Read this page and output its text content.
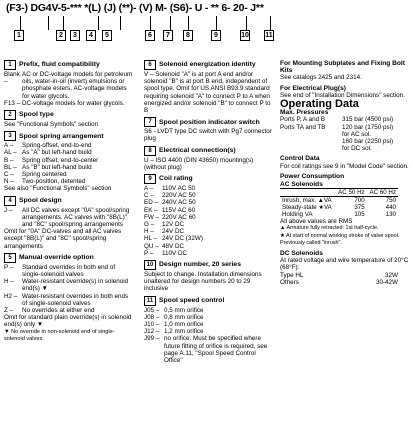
(F3-) DG4V-5-*** *(L) (J) (**)- (V) M- (S6)- U - ** 6- 20- J**
1	2	3	4	5	6	7	8	9	10 11
1	Prefix, fluid compatibility
Blank –
AC or DC-voltage models for petroleum oils, water-in-oil (invert) emulsions or phosphate esters. AC-voltage models for water glycols.
F13 – DC-voltage models for water glycols.
2	Spool type
See "Functional Symbols" section
3	Spool spring arrangement
A –	Spring-offset, end-to-end
AL – As "A" but left-hand build
B –	Spring offset, end-to-center
BL – As "B" but left-hand build
C –	Spring centered
N –	Two-position, detented
See also "Functional Symbols" section
4	Spool design
J –	All DC valves except "0A" spool/spring arrangements. AC valves with "8B(L)" and "8C" spool/spring arrangements
Omit for "0A" DC-valves and all AC valves except "8B(L)" and "8C" spool/spring arrangements
5	Manual override option
P –	Standard overrides in both end of single-solenoid valves
H –	Water-resistant override(s) in solenoid end(s) ▼
H2 – Water-resistant overrides in both ends of single-solenoid valves
Z –	No overrides at either end
Omit for standard plain override(s) in solenoid end(s) only ▼
▼ No override in non-solenoid end of single-solenoid valves.
6	Solenoid energization identity
V – Solenoid "A" is at port A end and/or solenoid "B" is at port B end, independent of spool type. Omit for US ANSI B93.9 standard requiring solenoid "A" to connect P to A when energized and/or solenoid "B" to connect P to B
7	Spool position indicator switch
S6 - LVDT type DC switch with Pg7 connector plug
8	Electrical connection(s)
U – ISO 4400 (DIN 43650) mounting(s) (without plug)
9	Coil rating
A –	110V AC 50
C –	220V AC 50
ED – 240V AC 50
EK – 115V AC 60
FW – 220V AC 60
G –	12V DC
H –	24V DC
HL – 24V DC (32W)
QU – 48V DC
P –	110V DC
10 Design number, 20 series
Subject to change. Installation dimensions unaltered for design numbers 20 to 29 inclusive
11 Spool speed control
J05 – 0,5 mm orifice
J08 – 0,8 mm orifice
J10 – 1,0 mm orifice
J12 – 1,2 mm orifice
J99 – no orifice. Must be specified where future fitting of orifice is required, see page A.11, "Spool Speed Control Office"
For Mounting Subplates and Fixing Bolt Kits
See catalogs 2425 and 2314.
For Electrical Plug(s)
See end of "Installation Dimensions" section.
Operating Data
Max. Pressures
Ports P, A and B	315 bar (4500 psi)
Ports TA and TB	120 bar (1750 psi)
for AC sol.
160 bar (2250 psi)
for DC sol.
Control Data
For coil ratings see 9 in "Model Code" section.
Power Consumption
AC Solenoids
	AC 50 Hz	AC 60 Hz
Inrush, max. ▲VA	700	750
Steady-state ★VA	375	440
Holding VA	105	130
All above values are RMS
▲ Armature fully retracted: 1st half-cycle.
★ At start of normal working stroke of valve spool. Previously called "inrush".
DC Solenoids
At rated voltage and wire temperature of 20°C (68°F):
Type HL	32W
Others	30-42W
